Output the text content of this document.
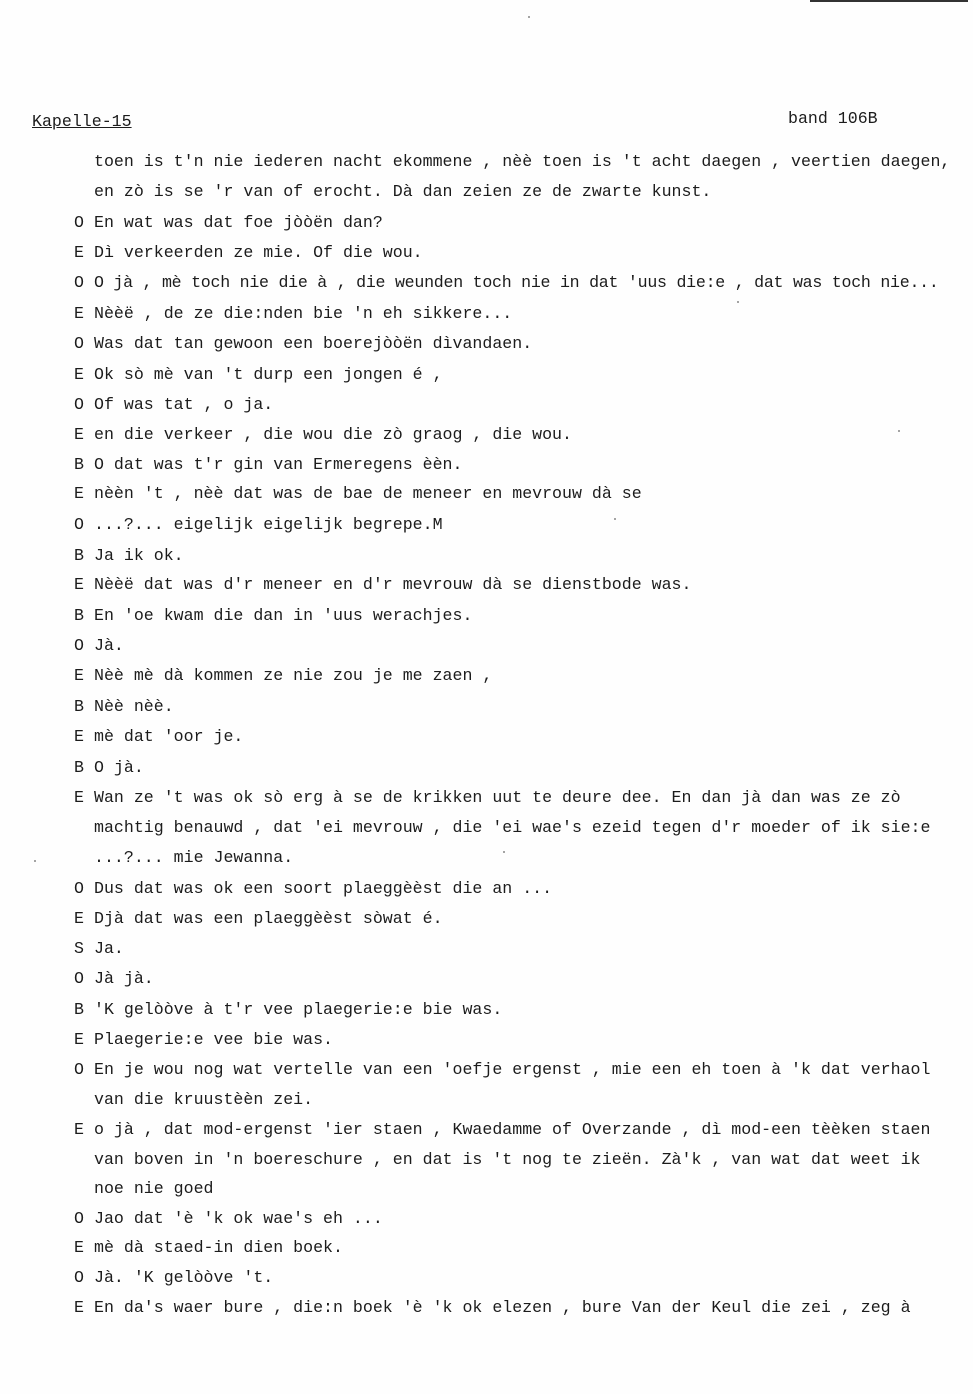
Kapelle-15	band 106B
toen is t'n nie iederen nacht ekommene , nèè toen is 't acht daegen , veertien daegen,
en zò is se 'r van of erocht. Dà dan zeien ze de zwarte kunst.
O En wat was dat foe jòòën dan?
E Dì verkeerden ze mie. Of die wou.
O O jà , mè toch nie die à , die weunden toch nie in dat 'uus die:e , dat was toch nie...
E Nèèë , de ze die:nden bie 'n eh sikkere...
O Was dat tan gewoon een boerejòòën dìvandaen.
E Ok sò mè van 't durp een jongen é ,
O Of was tat , o ja.
E en die verkeer , die wou die zò graog , die wou.
B O dat was t'r gin van Ermeregens èèn.
E nèèn 't , nèè dat was de bae de meneer en mevrouw dà se
O ...?... eigelijk eigelijk begrepe.M
B Ja ik ok.
E Nèèë dat was d'r meneer en d'r mevrouw dà se dienstbode was.
B En 'oe kwam die dan in 'uus werachjes.
O Jà.
E Nèè mè dà kommen ze nie zou je me zaen ,
B Nèè nèè.
E mè dat 'oor je.
B O jà.
E Wan ze 't was ok sò erg à se de krikken uut te deure dee. En dan jà dan was ze zò
machtig benauwd , dat 'ei mevrouw , die 'ei wae's ezeid tegen d'r moeder of ik sie:e
...?... mie Jewanna.
O Dus dat was ok een soort plaeggèèst die an ...
E Djà dat was een plaeggèèst sòwat é.
S Ja.
O Jà jà.
B 'K gelòòve à t'r vee plaegerie:e bie was.
E Plaegerie:e vee bie was.
O En je wou nog wat vertelle van een 'oefje ergenst , mie een eh toen à 'k dat verhaol
van die kruustèèn zei.
E o jà , dat mod-ergenst 'ier staen , Kwaedamme of Overzande , dì mod-een tèèken staen
van boven in 'n boereschure , en dat is 't nog te zieën. Zà'k , van wat dat weet ik
noe nie goed
O Jao dat 'è 'k ok wae's eh ...
E mè dà staed-in dien boek.
O Jà. 'K gelòòve 't.
E En da's waer bure , die:n boek 'è 'k ok elezen , bure Van der Keul die zei , zeg à
